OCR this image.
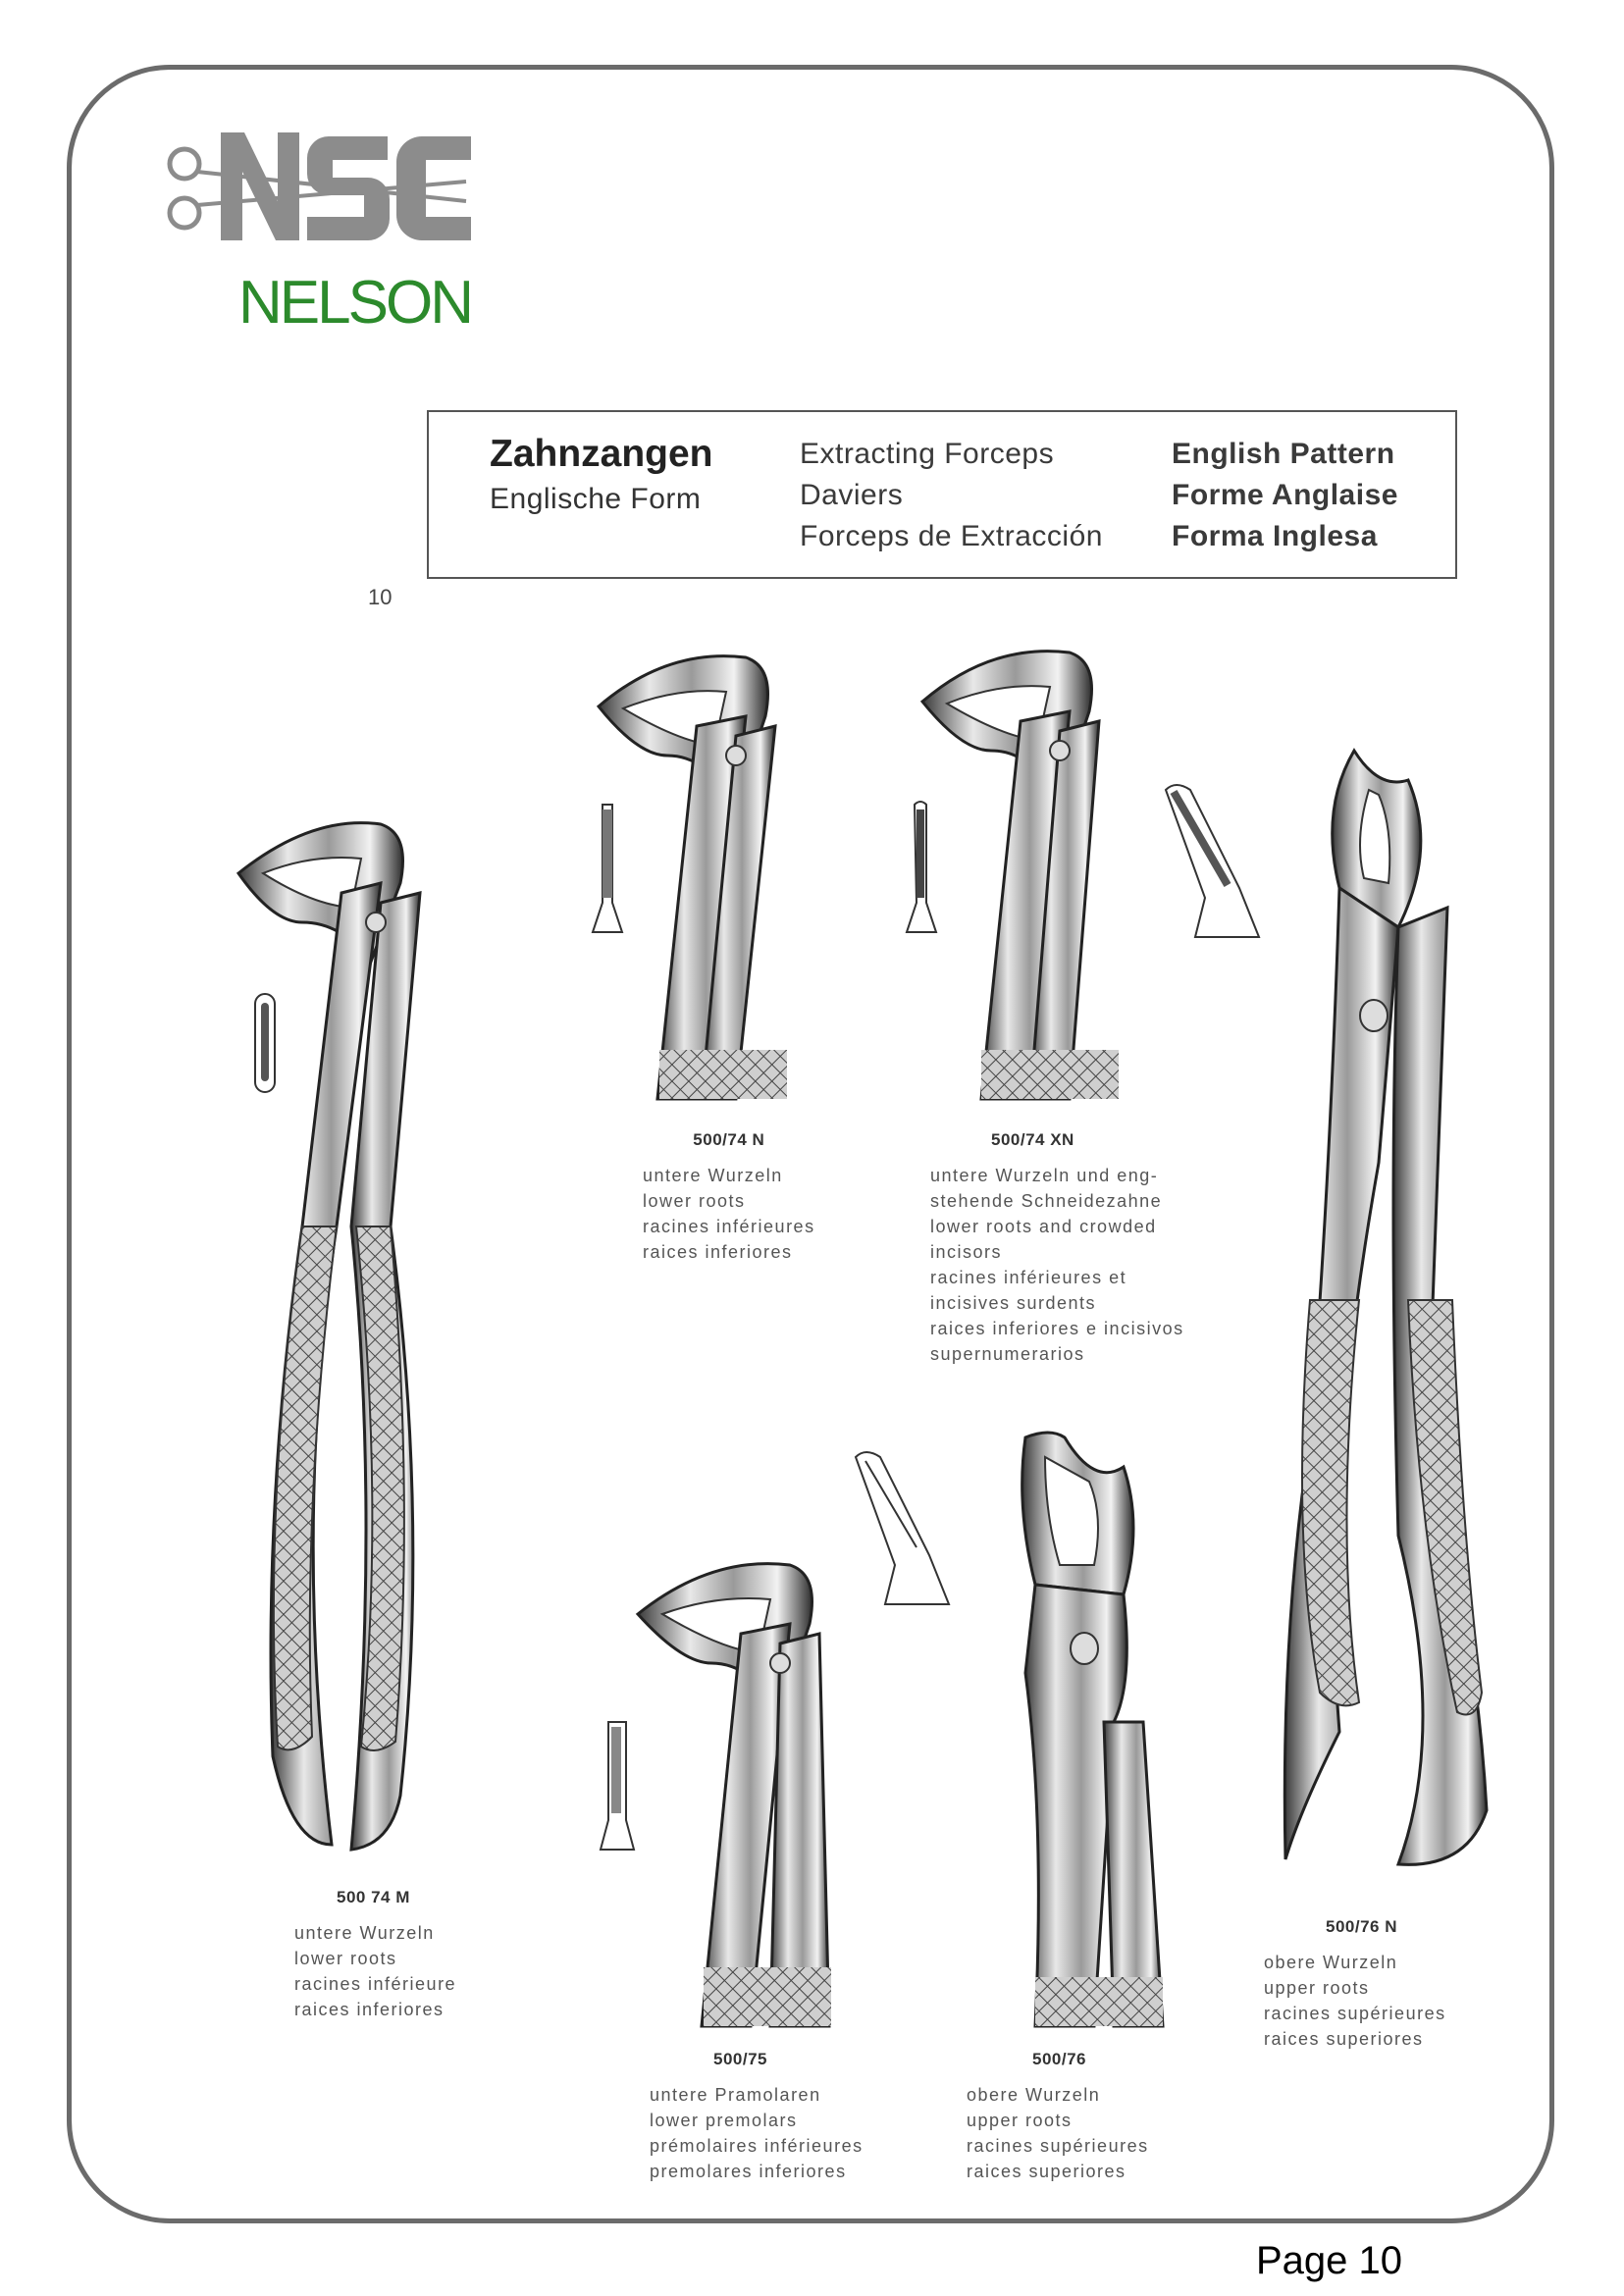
NELSON
Zahnzangen
Englische Form
Extracting Forceps
Daviers
Forceps de Extracción
English Pattern
Forme Anglaise
Forma Inglesa
10
500/74 N
untere Wurzeln
lower roots
racines inférieures
raices inferiores
500/74 XN
untere Wurzeln und eng-
stehende Schneidezahne
lower roots and crowded
incisors
racines inférieures et
incisives surdents
raices inferiores e incisivos
supernumerarios
500 74 M
untere Wurzeln
lower roots
racines inférieure
raices inferiores
500/76 N
obere Wurzeln
upper roots
racines supérieures
raices superiores
500/75
untere Pramolaren
lower premolars
prémolaires inférieures
premolares inferiores
500/76
obere Wurzeln
upper roots
racines supérieures
raices superiores
Page 10
